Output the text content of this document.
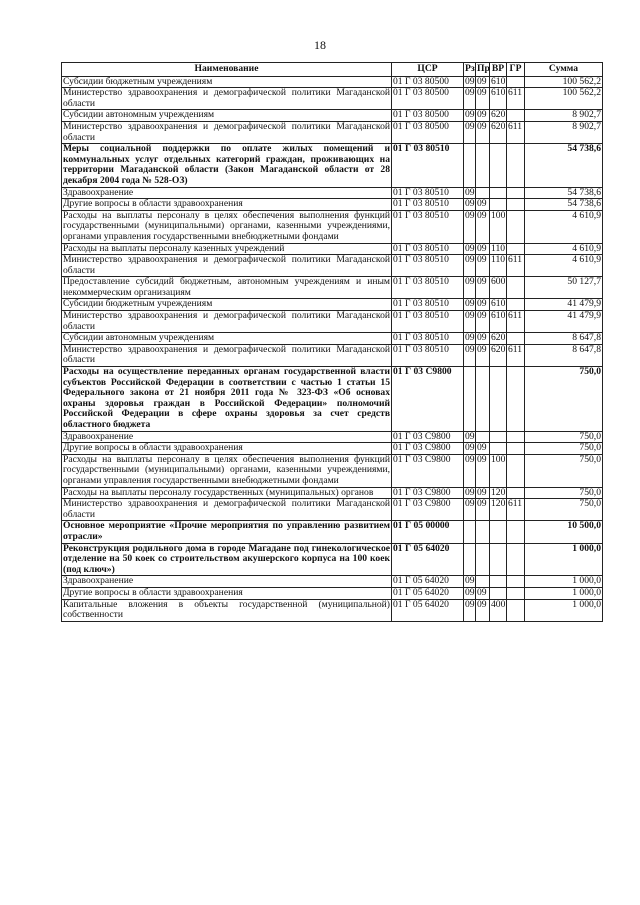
18
Наименование	ЦСР	Рз	Пр	ВР	ГР	Сумма
Субсидии бюджетным учреждениям	01 Г 03 80500	09	09	610		100 562,2
Министерство здравоохранения и демографической политики Магаданской области	01 Г 03 80500	09	09	610	611	100 562,2
Субсидии автономным учреждениям	01 Г 03 80500	09	09	620		8 902,7
Министерство здравоохранения и демографической политики Магаданской области	01 Г 03 80500	09	09	620	611	8 902,7
Меры социальной поддержки по оплате жилых помещений и коммунальных услуг отдельных категорий граждан, проживающих на территории Магаданской области (Закон Магаданской области от 28 декабря 2004 года № 528-ОЗ)	01 Г 03 80510					54 738,6
Здравоохранение	01 Г 03 80510	09				54 738,6
Другие вопросы в области здравоохранения	01 Г 03 80510	09	09			54 738,6
Расходы на выплаты персоналу в целях обеспечения выполнения функций государственными (муниципальными) органами, казенными учреждениями, органами управления государственными внебюджетными фондами	01 Г 03 80510	09	09	100		4 610,9
Расходы на выплаты персоналу казенных учреждений	01 Г 03 80510	09	09	110		4 610,9
Министерство здравоохранения и демографической политики Магаданской области	01 Г 03 80510	09	09	110	611	4 610,9
Предоставление субсидий бюджетным, автономным учреждениям и иным некоммерческим организациям	01 Г 03 80510	09	09	600		50 127,7
Субсидии бюджетным учреждениям	01 Г 03 80510	09	09	610		41 479,9
Министерство здравоохранения и демографической политики Магаданской области	01 Г 03 80510	09	09	610	611	41 479,9
Субсидии автономным учреждениям	01 Г 03 80510	09	09	620		8 647,8
Министерство здравоохранения и демографической политики Магаданской области	01 Г 03 80510	09	09	620	611	8 647,8
Расходы на осуществление переданных органам государственной власти субъектов Российской Федерации в соответствии с частью 1 статьи 15 Федерального закона от 21 ноября 2011 года № 323-ФЗ «Об основах охраны здоровья граждан в Российской Федерации» полномочий Российской Федерации в сфере охраны здоровья за счет средств областного бюджета	01 Г 03 С9800					750,0
Здравоохранение	01 Г 03 С9800	09				750,0
Другие вопросы в области здравоохранения	01 Г 03 С9800	09	09			750,0
Расходы на выплаты персоналу в целях обеспечения выполнения функций государственными (муниципальными) органами, казенными учреждениями, органами управления государственными внебюджетными фондами	01 Г 03 С9800	09	09	100		750,0
Расходы на выплаты персоналу государственных (муниципальных) органов	01 Г 03 С9800	09	09	120		750,0
Министерство здравоохранения и демографической политики Магаданской области	01 Г 03 С9800	09	09	120	611	750,0
Основное мероприятие «Прочие мероприятия по управлению развитием отрасли»	01 Г 05 00000					10 500,0
Реконструкция родильного дома в городе Магадане под гинекологическое отделение на 50 коек со строительством акушерского корпуса на 100 коек (под ключ»)	01 Г 05 64020					1 000,0
Здравоохранение	01 Г 05 64020	09				1 000,0
Другие вопросы в области здравоохранения	01 Г 05 64020	09	09			1 000,0
Капитальные вложения в объекты государственной (муниципальной) собственности	01 Г 05 64020	09	09	400		1 000,0
